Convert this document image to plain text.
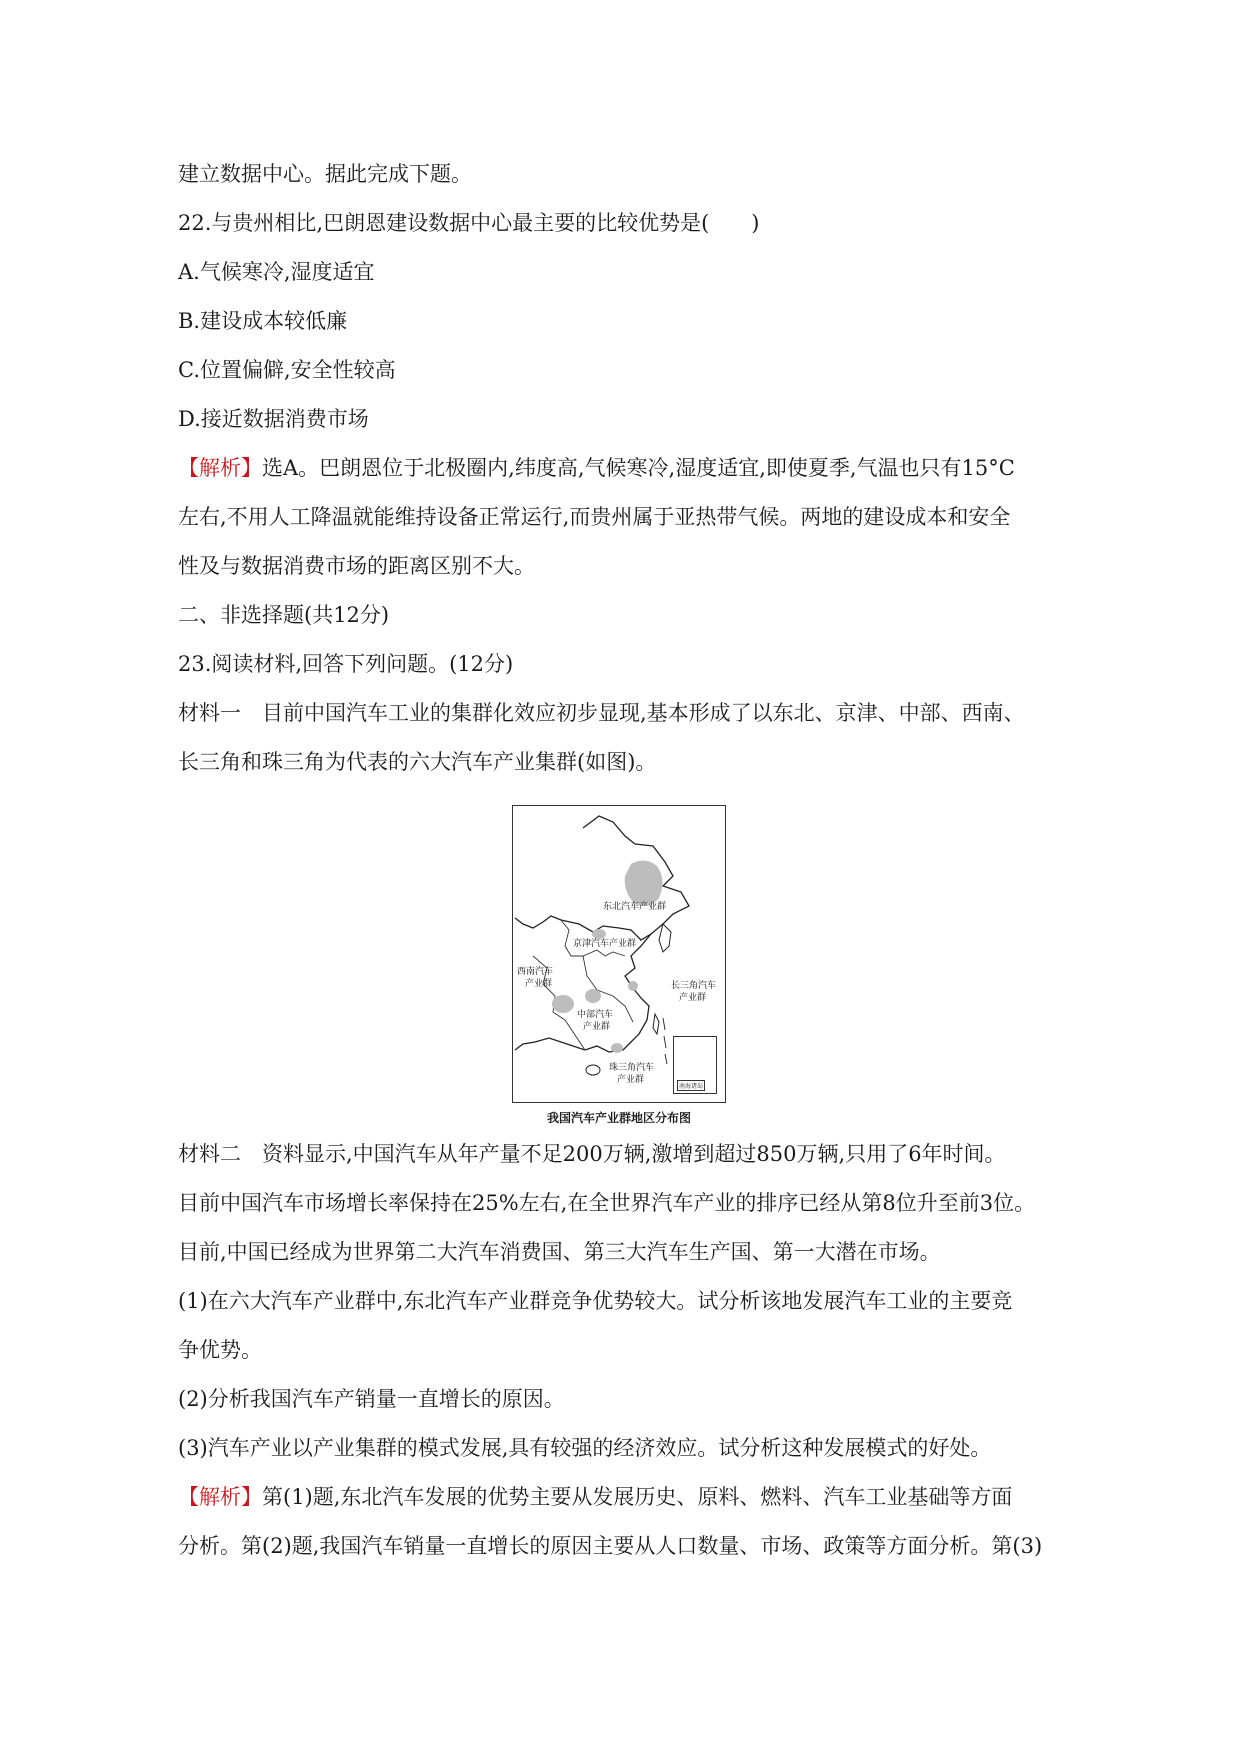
建立数据中心。据此完成下题。
22.与贵州相比,巴朗恩建设数据中心最主要的比较优势是(　　)
A.气候寒冷,湿度适宜
B.建设成本较低廉
C.位置偏僻,安全性较高
D.接近数据消费市场
【解析】选A。巴朗恩位于北极圈内,纬度高,气候寒冷,湿度适宜,即使夏季,气温也只有15°C
左右,不用人工降温就能维持设备正常运行,而贵州属于亚热带气候。两地的建设成本和安全
性及与数据消费市场的距离区别不大。
二、非选择题(共12分)
23.阅读材料,回答下列问题。(12分)
材料一　目前中国汽车工业的集群化效应初步显现,基本形成了以东北、京津、中部、西南、
长三角和珠三角为代表的六大汽车产业集群(如图)。
东北汽车产业群
京津汽车产业群
西南汽车
产业群	长三角汽车
产业群
中部汽车
产业群
珠三角汽车
产业群
南海诸岛
我国汽车产业群地区分布图
材料二　资料显示,中国汽车从年产量不足200万辆,激增到超过850万辆,只用了6年时间。
目前中国汽车市场增长率保持在25%左右,在全世界汽车产业的排序已经从第8位升至前3位。
目前,中国已经成为世界第二大汽车消费国、第三大汽车生产国、第一大潜在市场。
(1)在六大汽车产业群中,东北汽车产业群竞争优势较大。试分析该地发展汽车工业的主要竞
争优势。
(2)分析我国汽车产销量一直增长的原因。
(3)汽车产业以产业集群的模式发展,具有较强的经济效应。试分析这种发展模式的好处。
【解析】第(1)题,东北汽车发展的优势主要从发展历史、原料、燃料、汽车工业基础等方面
分析。第(2)题,我国汽车销量一直增长的原因主要从人口数量、市场、政策等方面分析。第(3)
